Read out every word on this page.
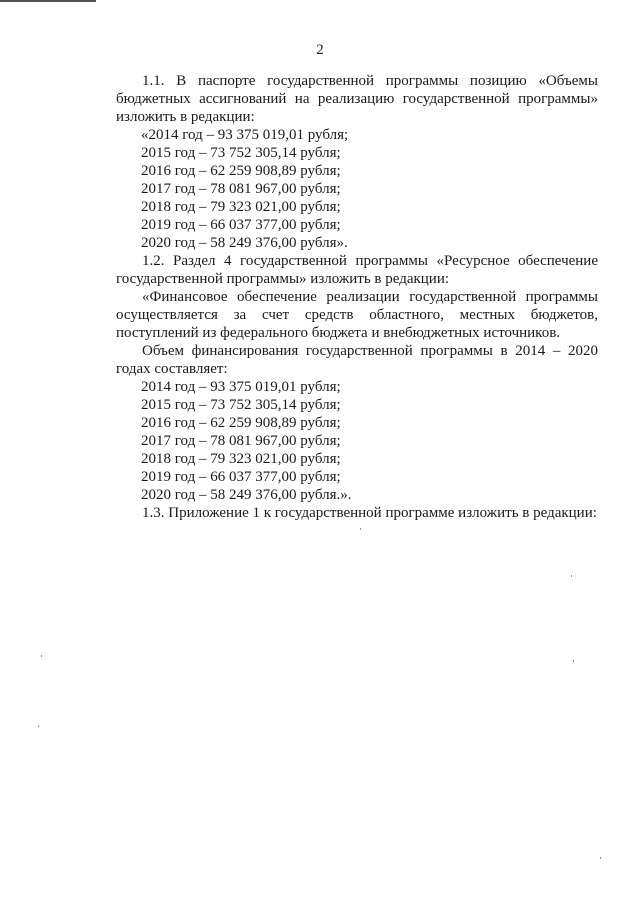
2

1.1. В паспорте государственной программы позицию «Объемы бюджетных ассигнований на реализацию государственной программы» изложить в редакции:

«2014 год – 93 375 019,01 рубля;

2015 год – 73 752 305,14 рубля;

2016 год – 62 259 908,89 рубля;

2017 год – 78 081 967,00 рубля;

2018 год – 79 323 021,00 рубля;

2019 год – 66 037 377,00 рубля;

2020 год – 58 249 376,00 рубля».

1.2. Раздел 4 государственной программы «Ресурсное обеспечение государственной программы» изложить в редакции:

«Финансовое обеспечение реализации государственной программы осуществляется за счет средств областного, местных бюджетов, поступлений из федерального бюджета и внебюджетных источников.

Объем финансирования государственной программы в 2014 – 2020 годах составляет:

2014 год – 93 375 019,01 рубля;

2015 год – 73 752 305,14 рубля;

2016 год – 62 259 908,89 рубля;

2017 год – 78 081 967,00 рубля;

2018 год – 79 323 021,00 рубля;

2019 год – 66 037 377,00 рубля;

2020 год – 58 249 376,00 рубля.».

1.3. Приложение 1 к государственной программе изложить в редакции:
